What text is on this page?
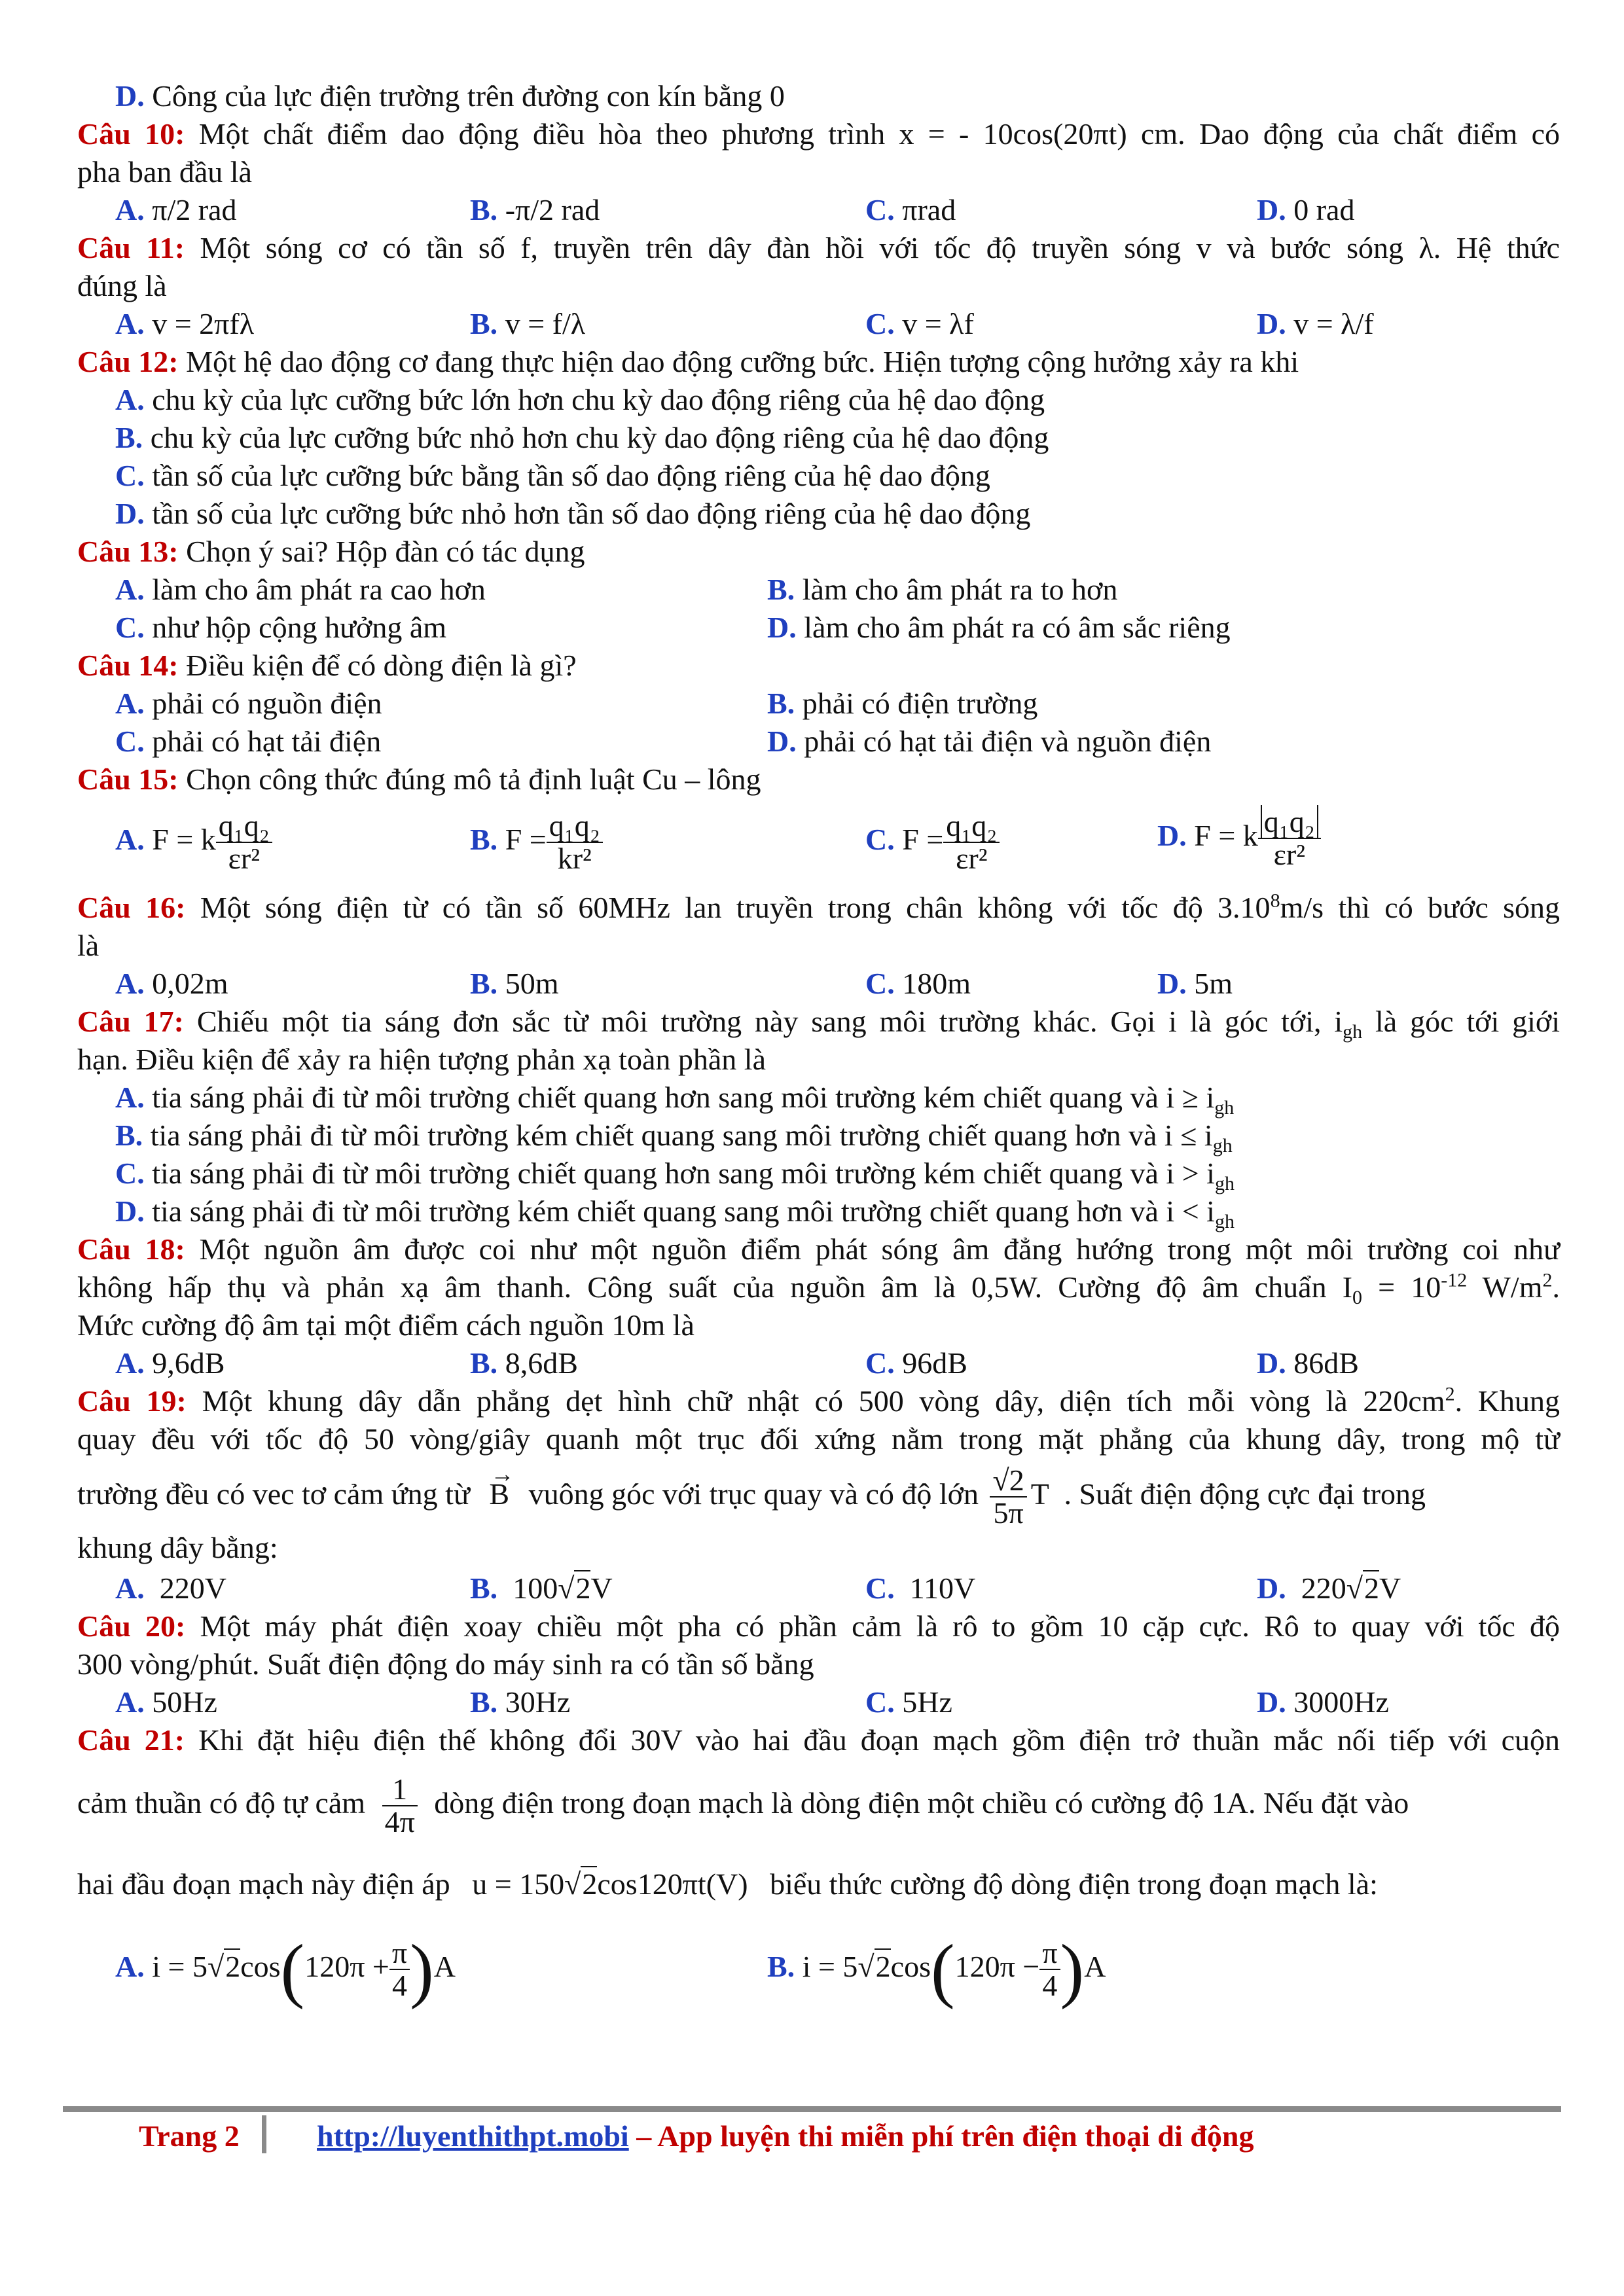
D. Công của lực điện trường trên đường con kín bằng 0
Câu 10: Một chất điểm dao động điều hòa theo phương trình x = - 10cos(20πt) cm. Dao động của chất điểm có
pha ban đầu là
A. π/2 rad	B. -π/2 rad	C. πrad	D. 0 rad
Câu 11: Một sóng cơ có tần số f, truyền trên dây đàn hồi với tốc độ truyền sóng v và bước sóng λ. Hệ thức
đúng là
A. v = 2πfλ	B. v = f/λ	C. v = λf	D. v = λ/f
Câu 12: Một hệ dao động cơ đang thực hiện dao động cưỡng bức. Hiện tượng cộng hưởng xảy ra khi
A. chu kỳ của lực cưỡng bức lớn hơn chu kỳ dao động riêng của hệ dao động
B. chu kỳ của lực cưỡng bức nhỏ hơn chu kỳ dao động riêng của hệ dao động
C. tần số của lực cưỡng bức bằng tần số dao động riêng của hệ dao động
D. tần số của lực cưỡng bức nhỏ hơn tần số dao động riêng của hệ dao động
Câu 13: Chọn ý sai? Hộp đàn có tác dụng
A. làm cho âm phát ra cao hơn	B. làm cho âm phát ra to hơn
C. như hộp cộng hưởng âm	D. làm cho âm phát ra có âm sắc riêng
Câu 14: Điều kiện để có dòng điện là gì?
A. phải có nguồn điện	B. phải có điện trường
C. phải có hạt tải điện	D. phải có hạt tải điện và nguồn điện
Câu 15: Chọn công thức đúng mô tả định luật Cu – lông
A. F = k $\frac{\text{q₁q₂}}{\text{εr²}}$	B. $F = \frac{\text{q₁q₂}}{\text{kr²}}$	C. $F = \frac{\text{q₁q₂}}{\text{εr²}}$	D. F = k $\frac{\text{q₁q₂}}{\text{εr²}}$
Câu 16: Một sóng điện từ có tần số 60MHz lan truyền trong chân không với tốc độ 3.10$^8$m/s thì có bước sóng
là
A. 0,02m	B. 50m	C. 180m	D. 5m
Câu 17: Chiếu một tia sáng đơn sắc từ môi trường này sang môi trường khác. Gọi i là góc tới, $i_{gh}$ là góc tới giới
hạn. Điều kiện để xảy ra hiện tượng phản xạ toàn phần là
A. tia sáng phải đi từ môi trường chiết quang hơn sang môi trường kém chiết quang và $i \ge i_{gh}$
B. tia sáng phải đi từ môi trường kém chiết quang sang môi trường chiết quang hơn và $i \le i_{gh}$
C. tia sáng phải đi từ môi trường chiết quang hơn sang môi trường kém chiết quang và $i > i_{gh}$
D. tia sáng phải đi từ môi trường kém chiết quang sang môi trường chiết quang hơn và $i < i_{gh}$
Câu 18: Một nguồn âm được coi như một nguồn điểm phát sóng âm đẳng hướng trong một môi trường coi như
không hấp thụ và phản xạ âm thanh. Công suất của nguồn âm là 0,5W. Cường độ âm chuẩn $I_0 = 10^{-12}$ $W/m^2$.
Mức cường độ âm tại một điểm cách nguồn 10m là
A. 9,6dB	B. 8,6dB	C. 96dB	D. 86dB
Câu 19: Một khung dây dẫn phẳng dẹt hình chữ nhật có 500 vòng dây, diện tích mỗi vòng là $220cm^2$. Khung
quay đều với tốc độ 50 vòng/giây quanh một trục đối xứng nằm trong mặt phẳng của khung dây, trong mộ từ
trường đều có vec tơ cảm ứng từ
→
B vuông góc với trục quay và có độ lớn $\frac{√2}{5\pi}$ T . Suất điện động cực đại trong
khung dây bằng:
A. 220V	B. 100√2V	C. 110V	D. 220√2V
Câu 20: Một máy phát điện xoay chiều một pha có phần cảm là rô to gồm 10 cặp cực. Rô to quay với tốc độ
300 vòng/phút. Suất điện động do máy sinh ra có tần số bằng
A. 50Hz	B. 30Hz	C. 5Hz	D. 3000Hz
Câu 21: Khi đặt hiệu điện thế không đổi 30V vào hai đầu đoạn mạch gồm điện trở thuần mắc nối tiếp với cuộn
cảm thuần có độ tự cảm $\frac{1}{4\pi}$ dòng điện trong đoạn mạch là dòng điện một chiều có cường độ 1A. Nếu đặt vào
hai đầu đoạn mạch này điện áp u = 150√2cos120πt(V) biểu thức cường độ dòng điện trong đoạn mạch là:
A. $i = 5√2\cos(120\pi + \frac{\pi}{4} )A$	B. $i = 5√2\cos(120\pi - \frac{\pi}{4} )A$
Trang 2	http://luyenthithpt.mobi – App luyện thi miễn phí trên điện thoại di động
